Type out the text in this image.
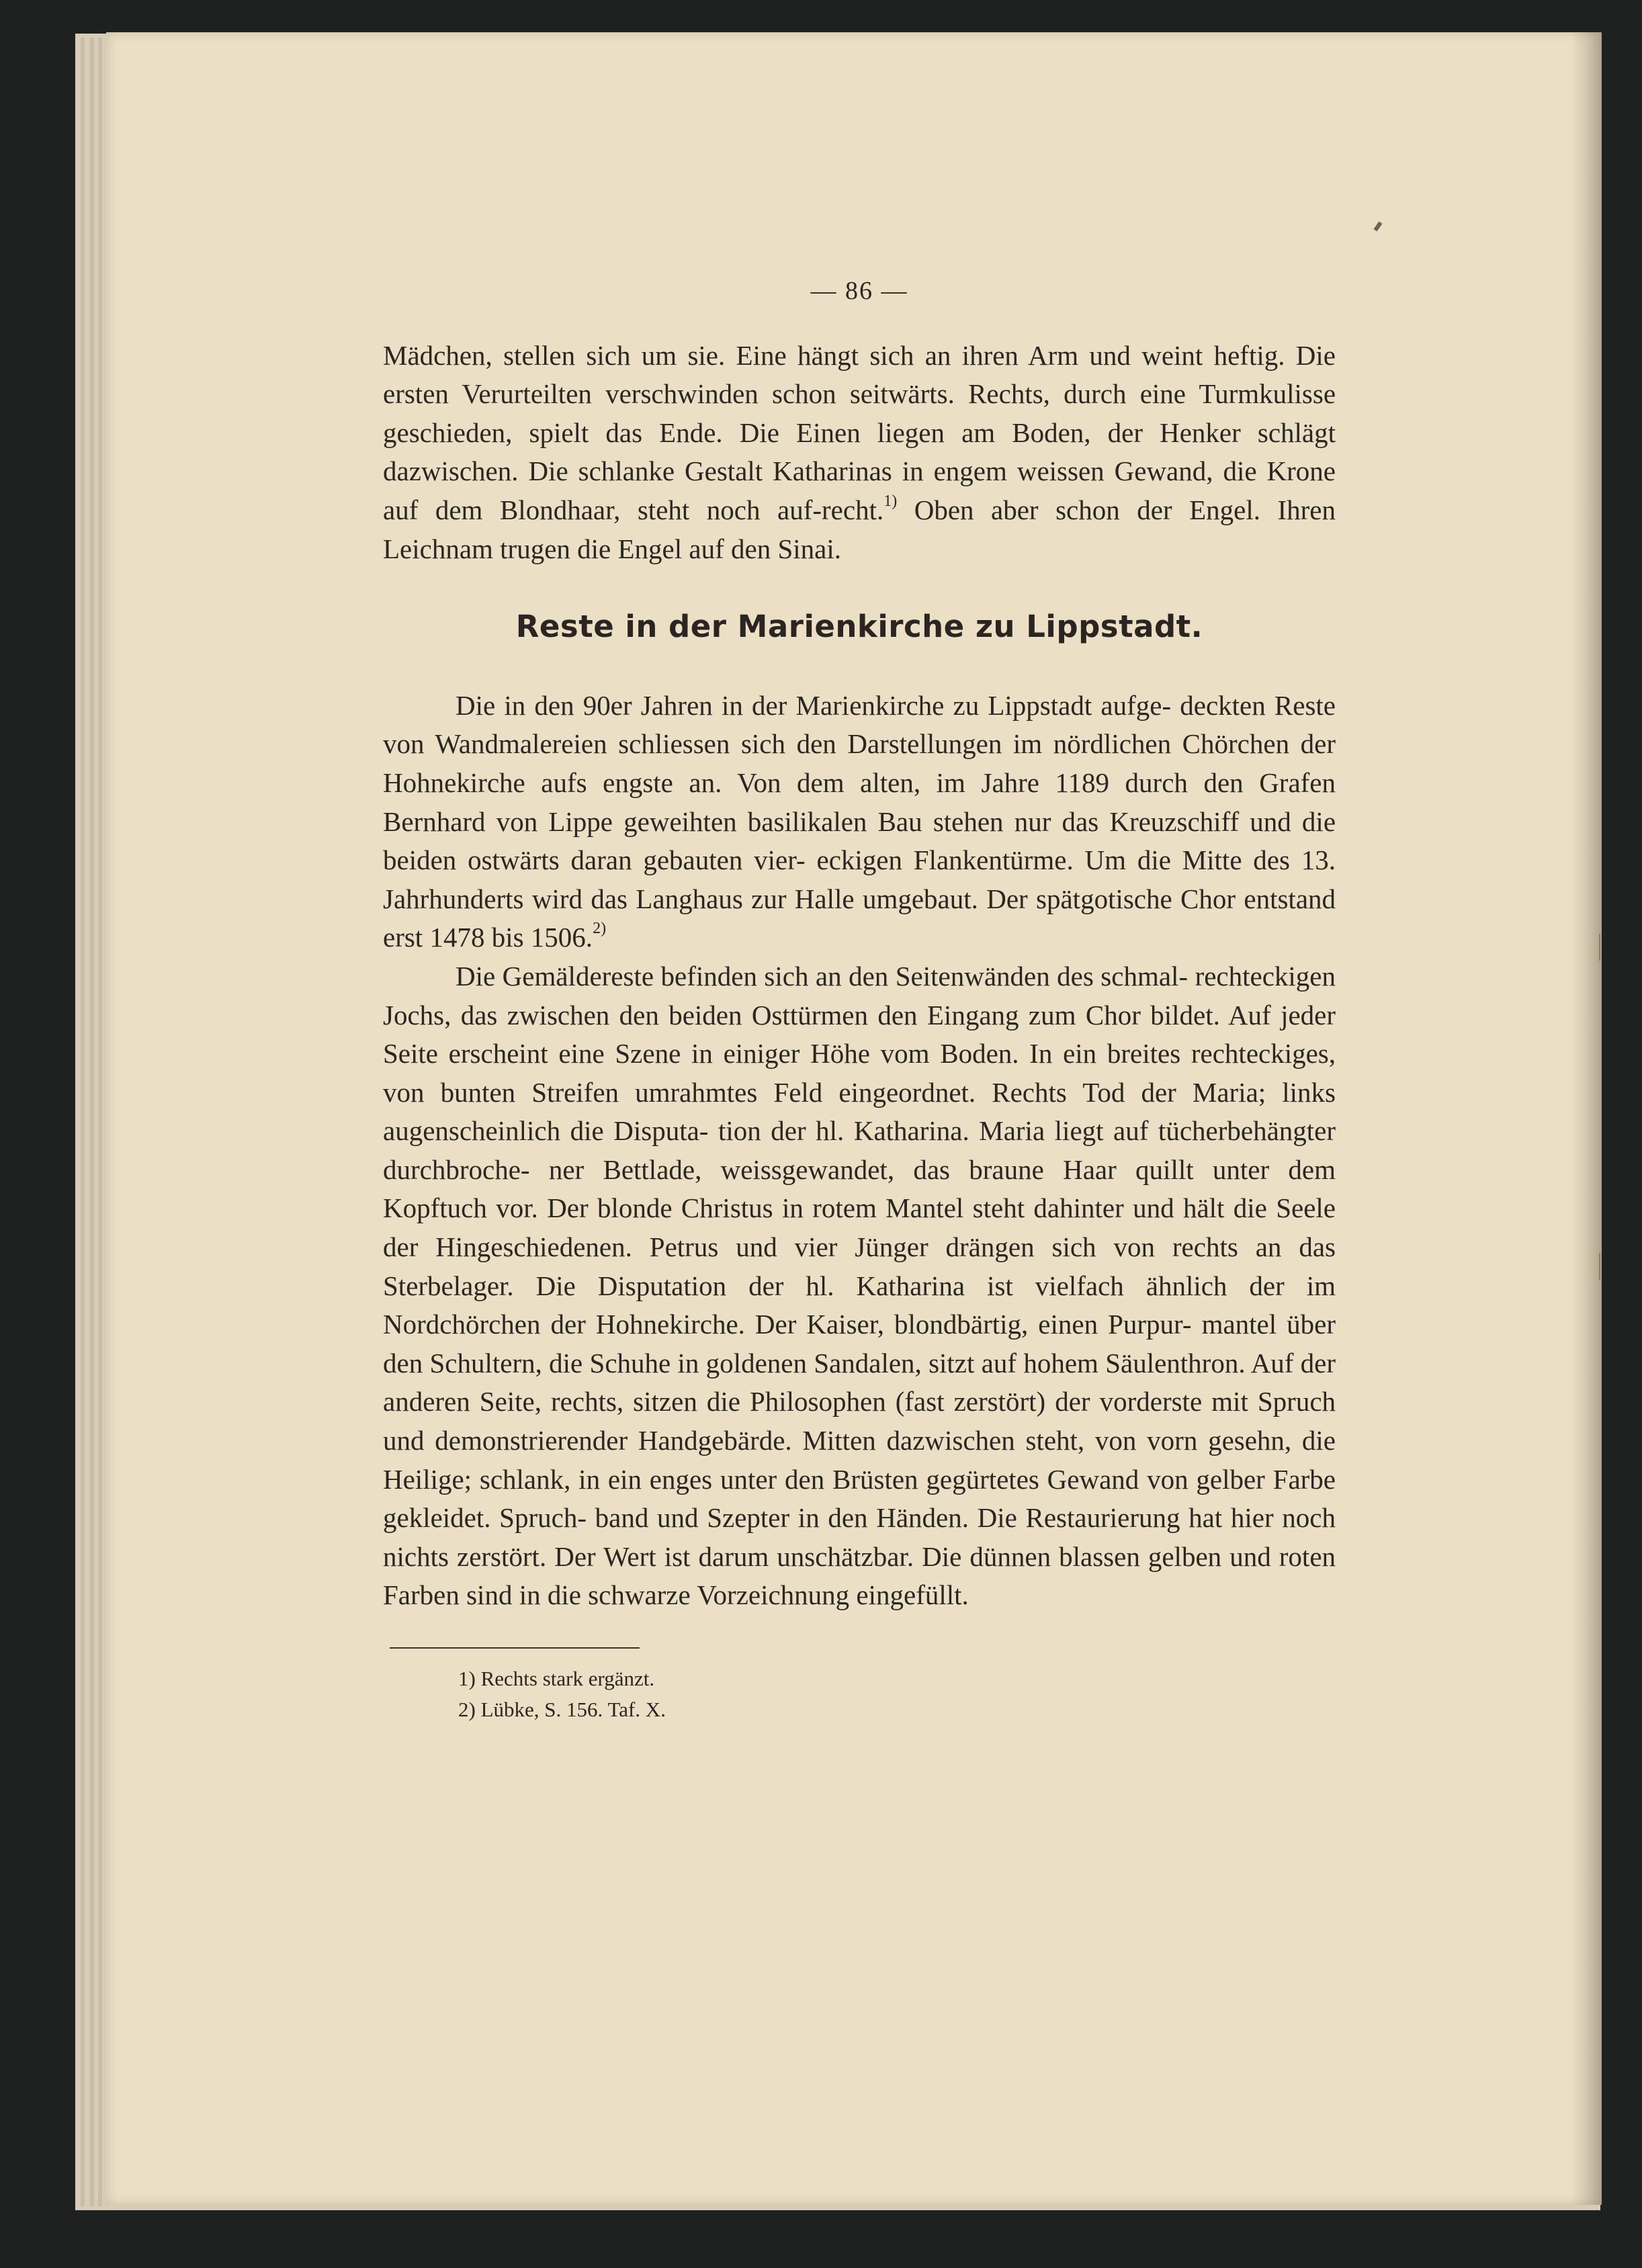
— 86 —

Mädchen, stellen sich um sie. Eine hängt sich an ihren Arm und weint heftig. Die ersten Verurteilten verschwinden schon seitwärts. Rechts, durch eine Turmkulisse geschieden, spielt das Ende. Die Einen liegen am Boden, der Henker schlägt dazwischen. Die schlanke Gestalt Katharinas in engem weissen Gewand, die Krone auf dem Blondhaar, steht noch auf-recht.$^{1)}$ Oben aber schon der Engel. Ihren Leichnam trugen die Engel auf den Sinai.

Reste in der Marienkirche zu Lippstadt.

Die in den 90er Jahren in der Marienkirche zu Lippstadt aufge- deckten Reste von Wandmalereien schliessen sich den Darstellungen im nördlichen Chörchen der Hohnekirche aufs engste an. Von dem alten, im Jahre 1189 durch den Grafen Bernhard von Lippe geweihten basilikalen Bau stehen nur das Kreuzschiff und die beiden ostwärts daran gebauten vier- eckigen Flankentürme. Um die Mitte des 13. Jahrhunderts wird das Langhaus zur Halle umgebaut. Der spätgotische Chor entstand erst 1478 bis 1506.$^{2)}$

Die Gemäldereste befinden sich an den Seitenwänden des schmal- rechteckigen Jochs, das zwischen den beiden Osttürmen den Eingang zum Chor bildet. Auf jeder Seite erscheint eine Szene in einiger Höhe vom Boden. In ein breites rechteckiges, von bunten Streifen umrahmtes Feld eingeordnet. Rechts Tod der Maria; links augenscheinlich die Disputa- tion der hl. Katharina. Maria liegt auf tücherbehängter durchbroche- ner Bettlade, weissgewandet, das braune Haar quillt unter dem Kopftuch vor. Der blonde Christus in rotem Mantel steht dahinter und hält die Seele der Hingeschiedenen. Petrus und vier Jünger drängen sich von rechts an das Sterbelager. Die Disputation der hl. Katharina ist vielfach ähnlich der im Nordchörchen der Hohnekirche. Der Kaiser, blondbärtig, einen Purpur- mantel über den Schultern, die Schuhe in goldenen Sandalen, sitzt auf hohem Säulenthron. Auf der anderen Seite, rechts, sitzen die Philosophen (fast zerstört) der vorderste mit Spruch und demonstrierender Handgebärde. Mitten dazwischen steht, von vorn gesehn, die Heilige; schlank, in ein enges unter den Brüsten gegürtetes Gewand von gelber Farbe gekleidet. Spruch- band und Szepter in den Händen. Die Restaurierung hat hier noch nichts zerstört. Der Wert ist darum unschätzbar. Die dünnen blassen gelben und roten Farben sind in die schwarze Vorzeichnung eingefüllt.

1) Rechts stark ergänzt.

2) Lübke, S. 156. Taf. X.
